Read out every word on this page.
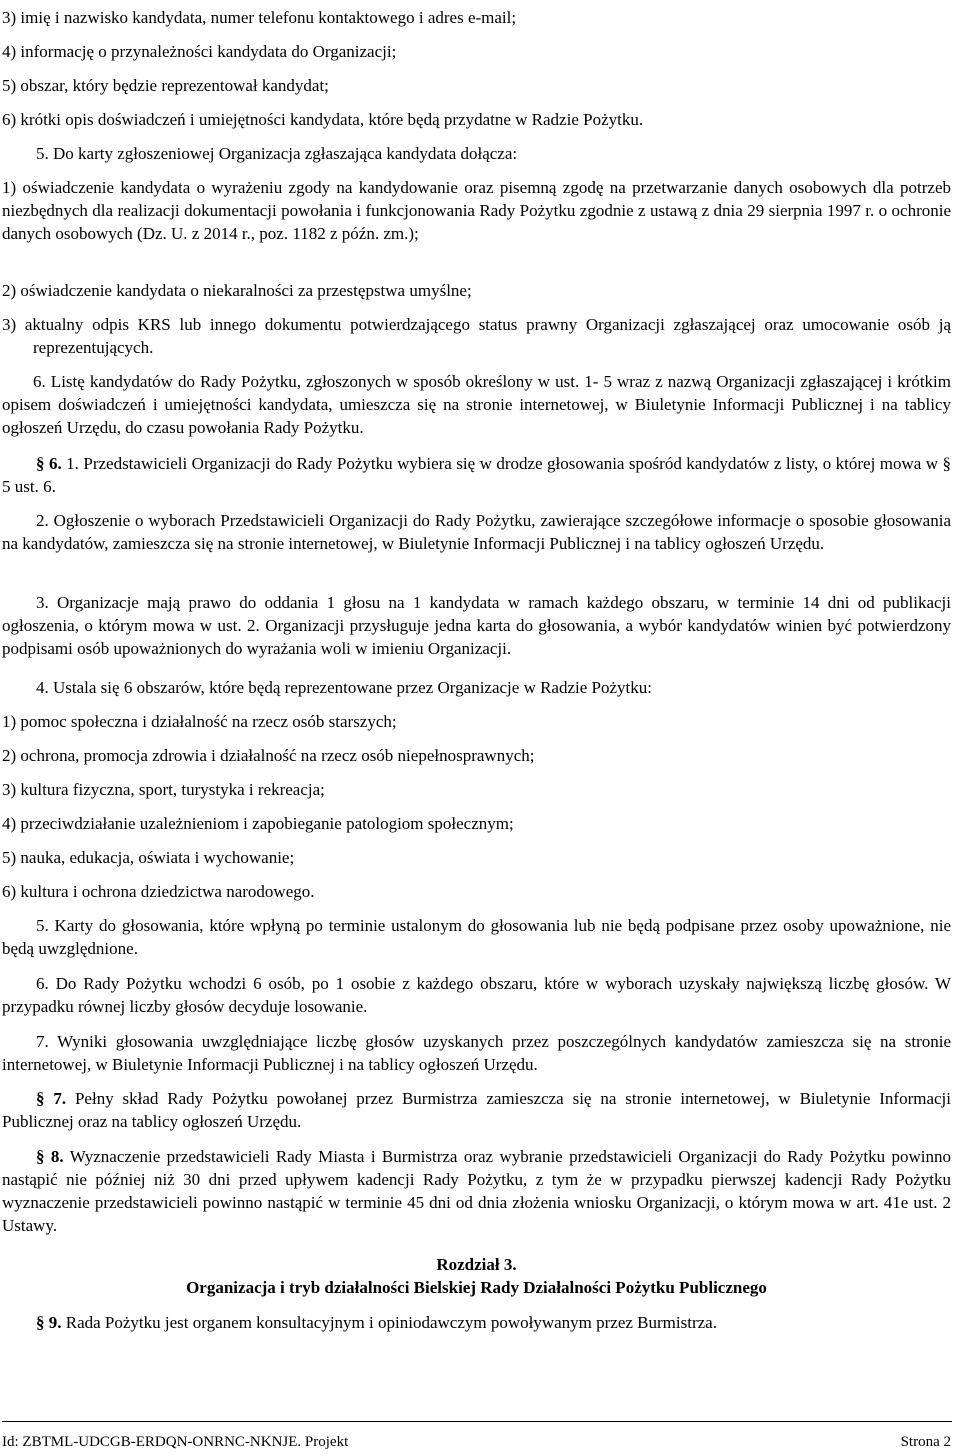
3) imię i nazwisko kandydata, numer telefonu kontaktowego i adres e-mail;

4) informację o przynależności kandydata do Organizacji;

5) obszar, który będzie reprezentował kandydat;

6) krótki opis doświadczeń i umiejętności kandydata, które będą przydatne w Radzie Pożytku.

5. Do karty zgłoszeniowej Organizacja zgłaszająca kandydata dołącza:

1) oświadczenie kandydata o wyrażeniu zgody na kandydowanie oraz pisemną zgodę na przetwarzanie danych osobowych dla potrzeb niezbędnych dla realizacji dokumentacji powołania i funkcjonowania Rady Pożytku zgodnie z ustawą z dnia 29 sierpnia 1997 r. o ochronie danych osobowych (Dz. U. z 2014 r., poz. 1182 z późn. zm.);

2) oświadczenie kandydata o niekaralności za przestępstwa umyślne;

3) aktualny odpis KRS lub innego dokumentu potwierdzającego status prawny Organizacji zgłaszającej oraz umocowanie osób ją reprezentujących.

6. Listę kandydatów do Rady Pożytku, zgłoszonych w sposób określony w ust. 1- 5 wraz z nazwą Organizacji zgłaszającej i krótkim opisem doświadczeń i umiejętności kandydata, umieszcza się na stronie internetowej, w Biuletynie Informacji Publicznej i na tablicy ogłoszeń Urzędu, do czasu powołania Rady Pożytku.

§ 6. 1. Przedstawicieli Organizacji do Rady Pożytku wybiera się w drodze głosowania spośród kandydatów z listy, o której mowa w § 5 ust. 6.

2. Ogłoszenie o wyborach Przedstawicieli Organizacji do Rady Pożytku, zawierające szczegółowe informacje o sposobie głosowania na kandydatów, zamieszcza się na stronie internetowej, w Biuletynie Informacji Publicznej i na tablicy ogłoszeń Urzędu.

3. Organizacje mają prawo do oddania 1 głosu na 1 kandydata w ramach każdego obszaru, w terminie 14 dni od publikacji ogłoszenia, o którym mowa w ust. 2. Organizacji przysługuje jedna karta do głosowania, a wybór kandydatów winien być potwierdzony podpisami osób upoważnionych do wyrażania woli w imieniu Organizacji.

4. Ustala się 6 obszarów, które będą reprezentowane przez Organizacje w Radzie Pożytku:

1) pomoc społeczna i działalność na rzecz osób starszych;

2) ochrona, promocja zdrowia i działalność na rzecz osób niepełnosprawnych;

3) kultura fizyczna, sport, turystyka i rekreacja;

4) przeciwdziałanie uzależnieniom i zapobieganie patologiom społecznym;

5) nauka, edukacja, oświata i wychowanie;

6) kultura i ochrona dziedzictwa narodowego.

5. Karty do głosowania, które wpłyną po terminie ustalonym do głosowania lub nie będą podpisane przez osoby upoważnione, nie będą uwzględnione.

6. Do Rady Pożytku wchodzi 6 osób, po 1 osobie z każdego obszaru, które w wyborach uzyskały największą liczbę głosów. W przypadku równej liczby głosów decyduje losowanie.

7. Wyniki głosowania uwzględniające liczbę głosów uzyskanych przez poszczególnych kandydatów zamieszcza się na stronie internetowej, w Biuletynie Informacji Publicznej i na tablicy ogłoszeń Urzędu.

§ 7. Pełny skład Rady Pożytku powołanej przez Burmistrza zamieszcza się na stronie internetowej, w Biuletynie Informacji Publicznej oraz na tablicy ogłoszeń Urzędu.

§ 8. Wyznaczenie przedstawicieli Rady Miasta i Burmistrza oraz wybranie przedstawicieli Organizacji do Rady Pożytku powinno nastąpić nie później niż 30 dni przed upływem kadencji Rady Pożytku, z tym że w przypadku pierwszej kadencji Rady Pożytku wyznaczenie przedstawicieli powinno nastąpić w terminie 45 dni od dnia złożenia wniosku Organizacji, o którym mowa w art. 41e ust. 2 Ustawy.

Rozdział 3.

Organizacja i tryb działalności Bielskiej Rady Działalności Pożytku Publicznego

§ 9. Rada Pożytku jest organem konsultacyjnym i opiniodawczym powoływanym przez Burmistrza.

Id: ZBTML-UDCGB-ERDQN-ONRNC-NKNJE. Projekt	Strona 2
